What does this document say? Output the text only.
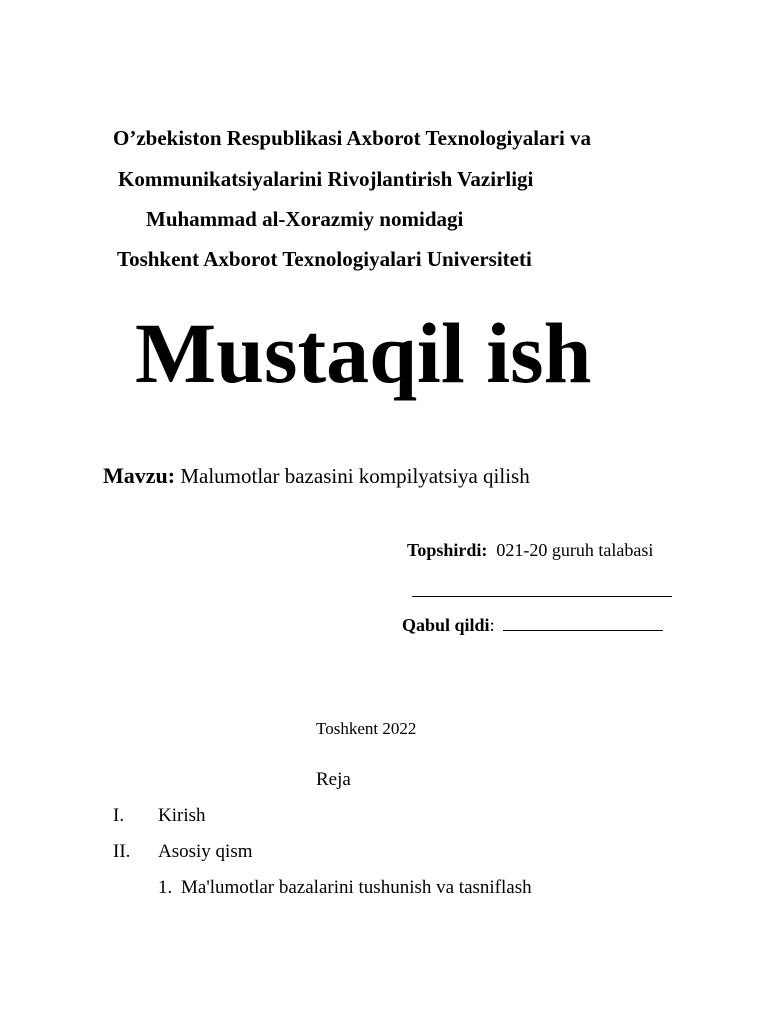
O’zbekiston Respublikasi Axborot Texnologiyalari va
Kommunikatsiyalarini Rivojlantirish Vazirligi
Muhammad al-Xorazmiy nomidagi
Toshkent Axborot Texnologiyalari Universiteti
Mustaqil ish
Mavzu: Malumotlar bazasini kompilyatsiya qilish
Topshirdi: 021-20 guruh talabasi
Qabul qildi:
Toshkent 2022
Reja
I. Kirish
II. Asosiy qism
1. Ma'lumotlar bazalarini tushunish va tasniflash
